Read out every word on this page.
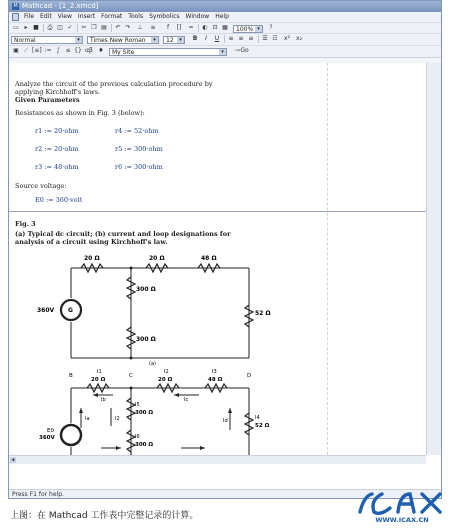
M Mathcad - [1_2.xmcd]
File Edit View Insert Format Tools Symbolics Window Help
▭ ▸ ■ ⎙ ◫ ✓ ✂ ❐ ▤ ↶ ↷ ⊥ ≡	f	[] = ◐ ⊡ ▦	100% ▾	?
Normal	▾	Times New Roman	▾	12	▾	B	I	U ≡ ≡ ≡ ☰ ☷ x² x₂
▣ ⟋ [≡] := ∫ ≤ {} αβ ♦	My Site	▾	⇨Go
Analyze the circuit of the previous calculation procedure by
applying Kirchhoff's laws.
Given Parameters
Resistances as shown in Fig. 3 (below):
r1 := 20·ohm	r4 := 52·ohm
r2 := 20·ohm	r5 := 300·ohm
r3 := 48·ohm	r6 := 300·ohm
Source voltage:
E0 := 360·volt
Fig. 3
(a) Typical dc circuit; (b) current and loop designations for
analysis of a circuit using Kirchhoff's law.
20 Ω	20 Ω	48 Ω
300 Ω
300 Ω
52 Ω
360V G
(a)
B	C	D
I1	I2	I3
20 Ω	20 Ω	48 Ω
I5
300 Ω
I6
300 Ω
I4
52 Ω
I2
E0
360V
Ia
Ib	Ic
Id
◂
Press F1 for help.
上图：在 Mathcad 工作表中完整记录的计算。	WWW.ICAX.CN
